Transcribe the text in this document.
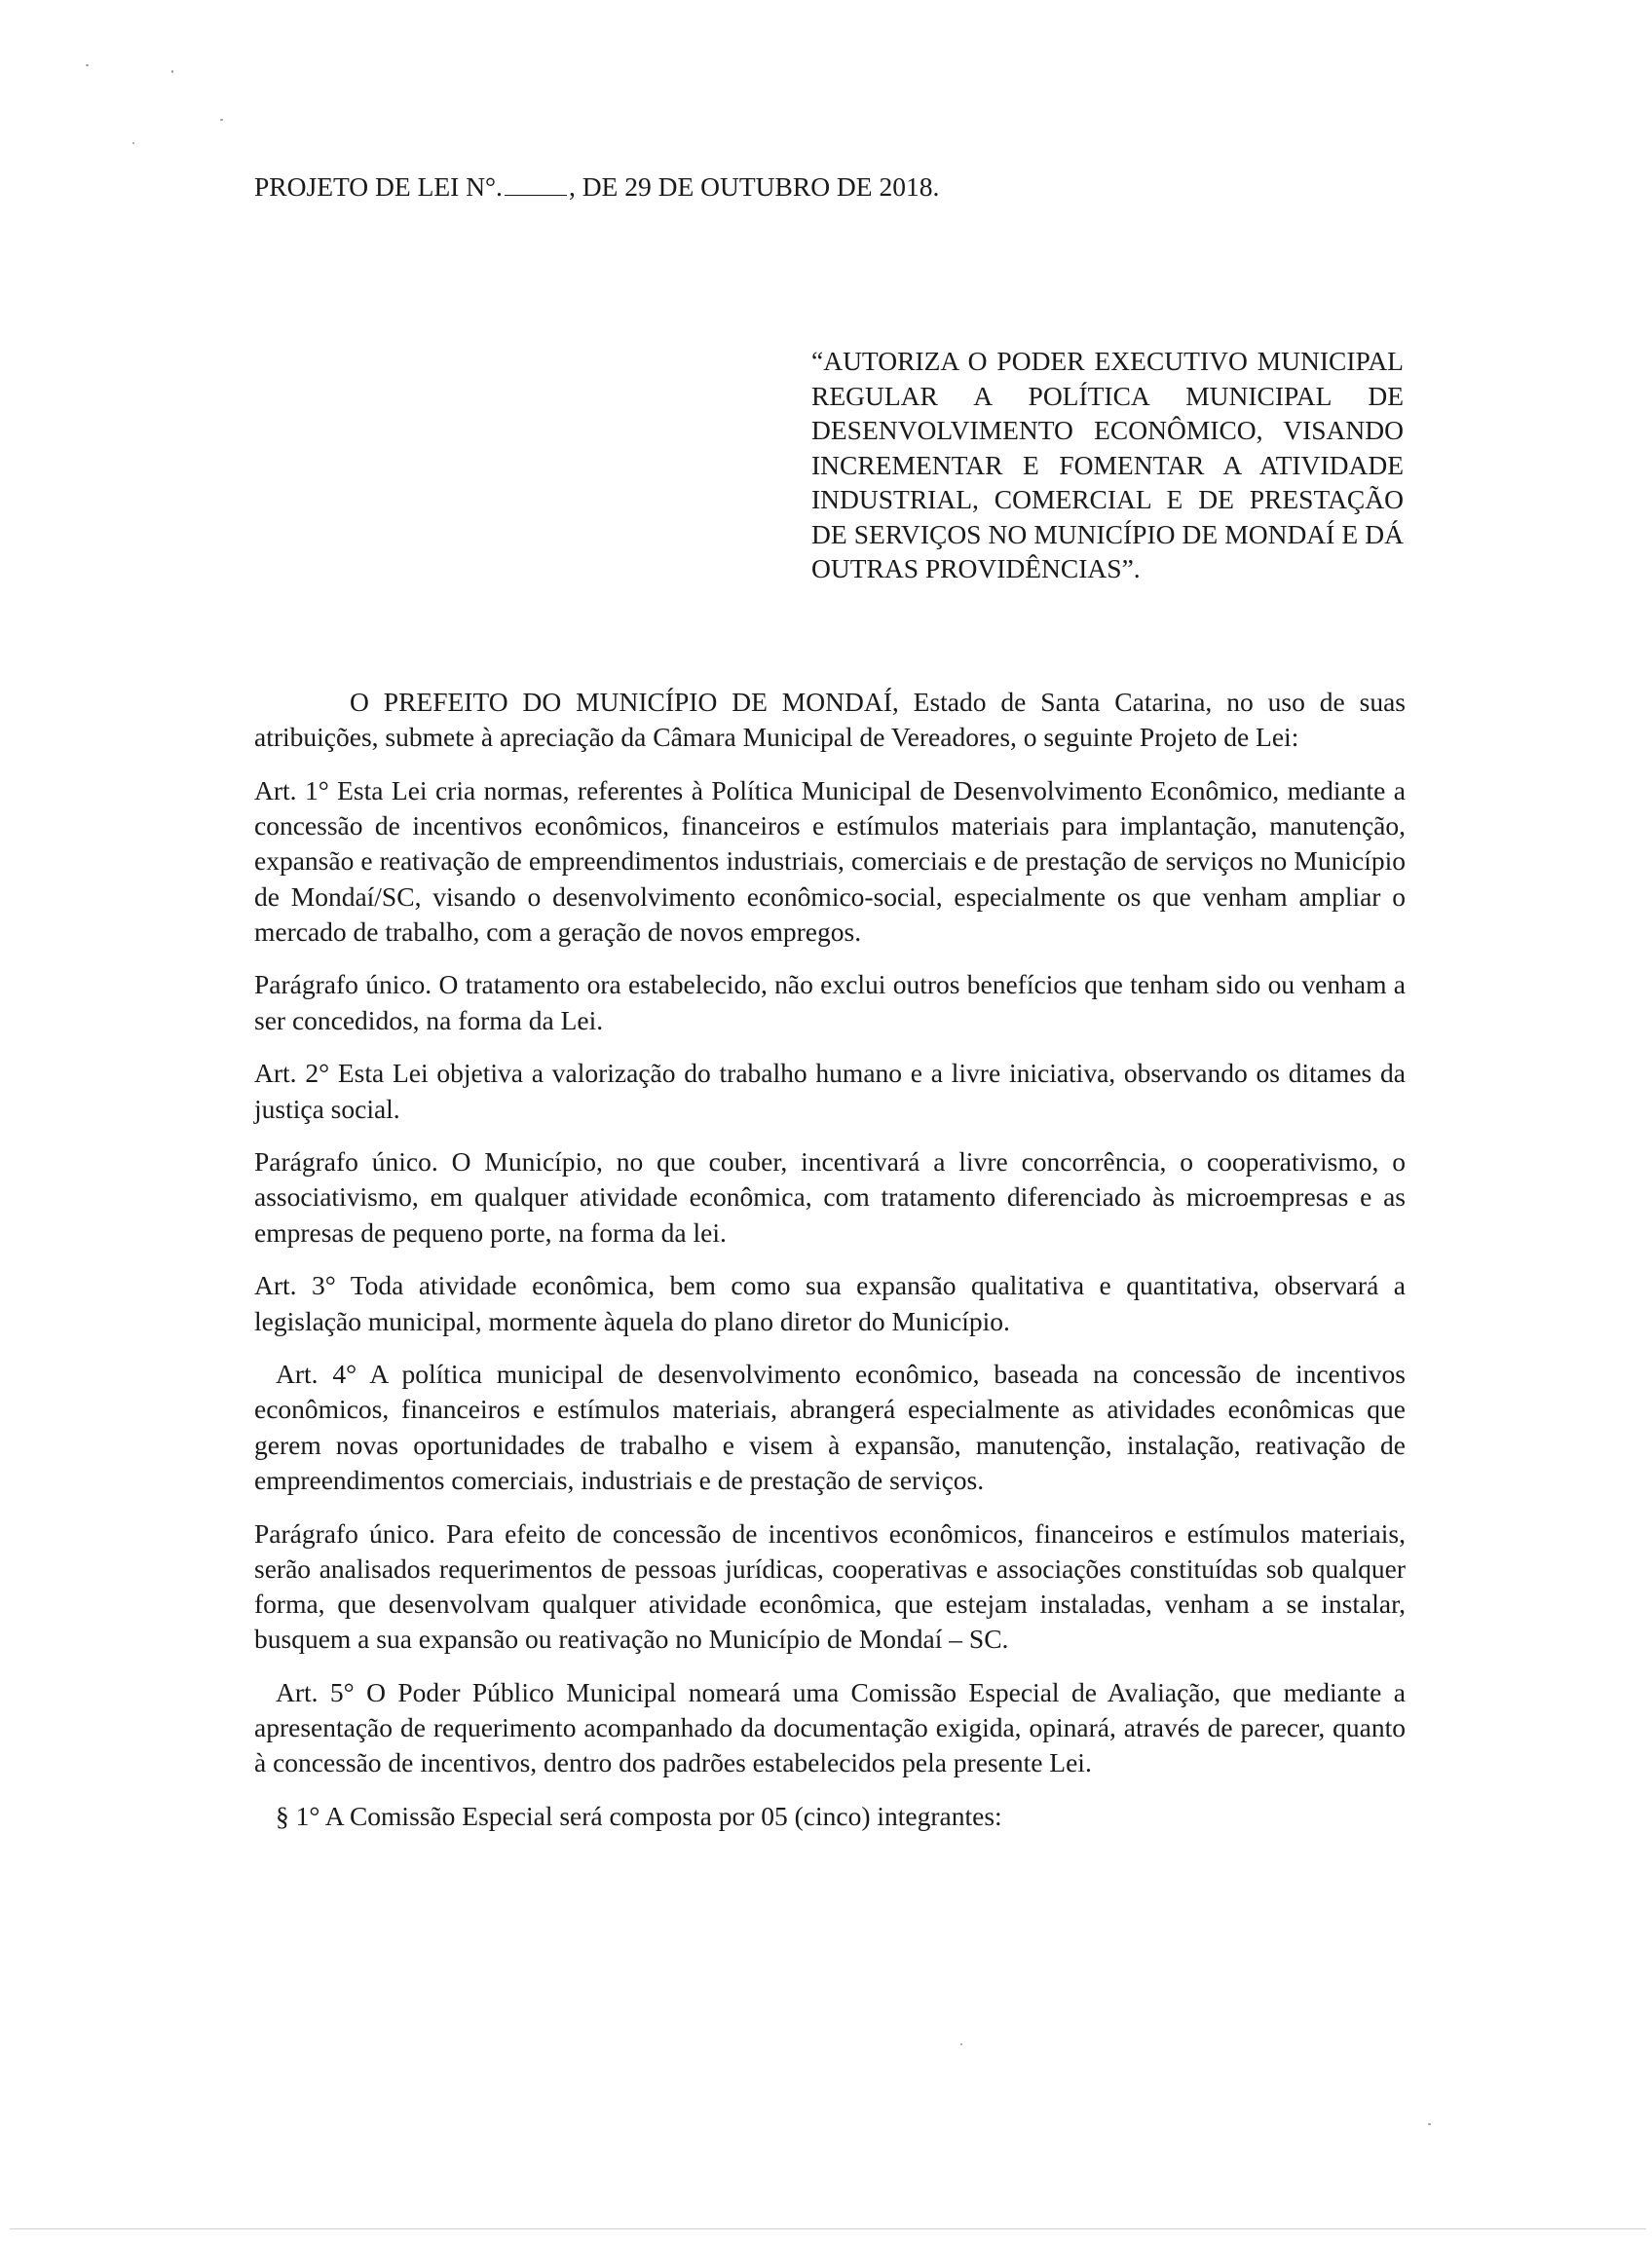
PROJETO DE LEI N°. , DE 29 DE OUTUBRO DE 2018.
“AUTORIZA O PODER EXECUTIVO MUNICIPAL REGULAR A POLÍTICA MUNICIPAL DE DESENVOLVIMENTO ECONÔMICO, VISANDO INCREMENTAR E FOMENTAR A ATIVIDADE INDUSTRIAL, COMERCIAL E DE PRESTAÇÃO DE SERVIÇOS NO MUNICÍPIO DE MONDAÍ E DÁ OUTRAS PROVIDÊNCIAS”.

O PREFEITO DO MUNICÍPIO DE MONDAÍ, Estado de Santa Catarina, no uso de suas atribuições, submete à apreciação da Câmara Municipal de Vereadores, o seguinte Projeto de Lei:

Art. 1° Esta Lei cria normas, referentes à Política Municipal de Desenvolvimento Econômico, mediante a concessão de incentivos econômicos, financeiros e estímulos materiais para implantação, manutenção, expansão e reativação de empreendimentos industriais, comerciais e de prestação de serviços no Município de Mondaí/SC, visando o desenvolvimento econômico-social, especialmente os que venham ampliar o mercado de trabalho, com a geração de novos empregos.

Parágrafo único. O tratamento ora estabelecido, não exclui outros benefícios que tenham sido ou venham a ser concedidos, na forma da Lei.

Art. 2° Esta Lei objetiva a valorização do trabalho humano e a livre iniciativa, observando os ditames da justiça social.

Parágrafo único. O Município, no que couber, incentivará a livre concorrência, o cooperativismo, o associativismo, em qualquer atividade econômica, com tratamento diferenciado às microempresas e as empresas de pequeno porte, na forma da lei.

Art. 3° Toda atividade econômica, bem como sua expansão qualitativa e quantitativa, observará a legislação municipal, mormente àquela do plano diretor do Município.

Art. 4° A política municipal de desenvolvimento econômico, baseada na concessão de incentivos econômicos, financeiros e estímulos materiais, abrangerá especialmente as atividades econômicas que gerem novas oportunidades de trabalho e visem à expansão, manutenção, instalação, reativação de empreendimentos comerciais, industriais e de prestação de serviços.

Parágrafo único. Para efeito de concessão de incentivos econômicos, financeiros e estímulos materiais, serão analisados requerimentos de pessoas jurídicas, cooperativas e associações constituídas sob qualquer forma, que desenvolvam qualquer atividade econômica, que estejam instaladas, venham a se instalar, busquem a sua expansão ou reativação no Município de Mondaí – SC.

Art. 5° O Poder Público Municipal nomeará uma Comissão Especial de Avaliação, que mediante a apresentação de requerimento acompanhado da documentação exigida, opinará, através de parecer, quanto à concessão de incentivos, dentro dos padrões estabelecidos pela presente Lei.

§ 1° A Comissão Especial será composta por 05 (cinco) integrantes:
